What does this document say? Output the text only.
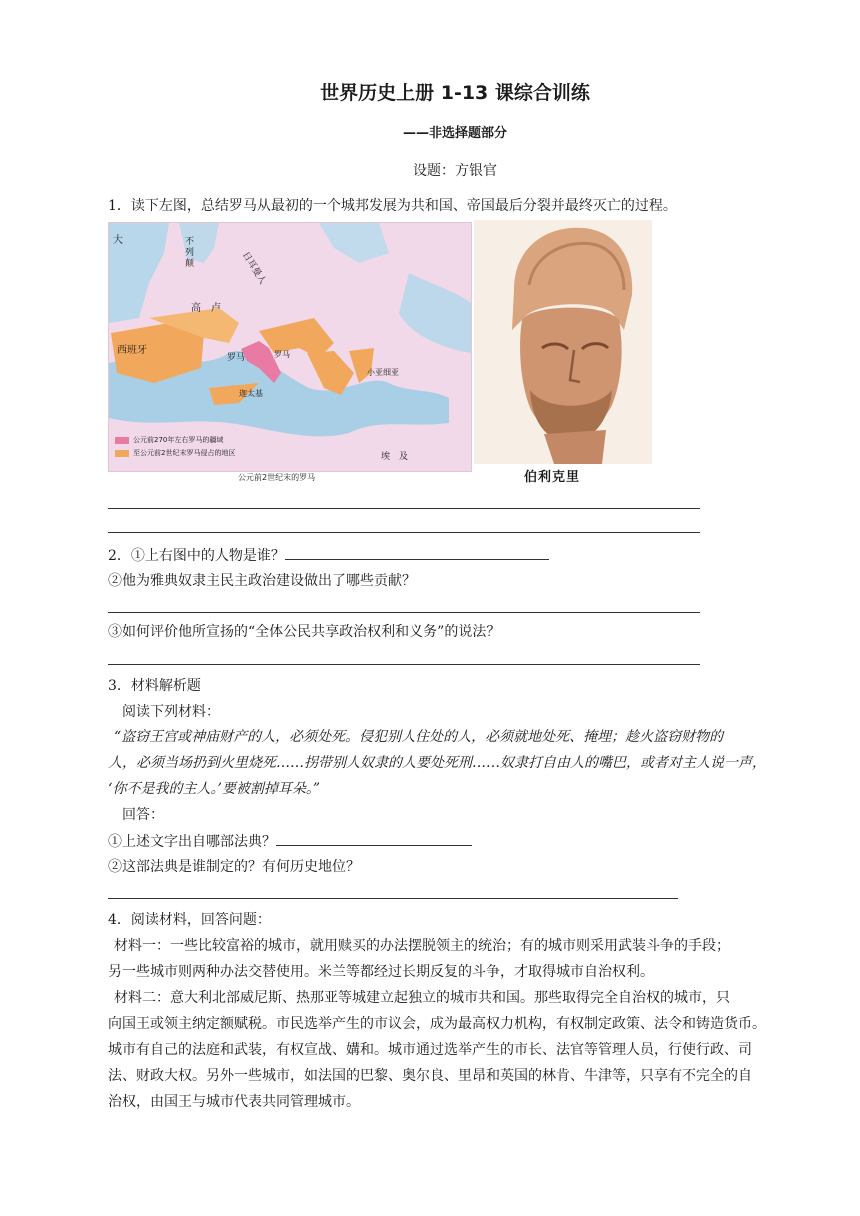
世界历史上册 1-13 课综合训练
——非选择题部分
设题：方银官
1．读下左图，总结罗马从最初的一个城邦发展为共和国、帝国最后分裂并最终灭亡的过程。
大	不列颠	日耳曼人
高　卢
西班牙
罗马	罗马
迦太基
小亚细亚
埃　及
公元前270年左右罗马的疆域
至公元前2世纪末罗马侵占的地区
公元前2世纪末的罗马	伯利克里
2．①上右图中的人物是谁？
②他为雅典奴隶主民主政治建设做出了哪些贡献？
③如何评价他所宣扬的“全体公民共享政治权利和义务”的说法？
3．材料解析题
阅读下列材料：
“盗窃王宫或神庙财产的人，必须处死。侵犯别人住处的人，必须就地处死、掩埋；趁火盗窃财物的
人，必须当场扔到火里烧死……拐带别人奴隶的人要处死刑……奴隶打自由人的嘴巴，或者对主人说一声，
‘你不是我的主人。’要被割掉耳朵。”
回答：
①上述文字出自哪部法典？
②这部法典是谁制定的？有何历史地位？
4．阅读材料，回答问题：
材料一：一些比较富裕的城市，就用赎买的办法摆脱领主的统治；有的城市则采用武装斗争的手段；
另一些城市则两种办法交替使用。米兰等都经过长期反复的斗争，才取得城市自治权利。
材料二：意大利北部威尼斯、热那亚等城建立起独立的城市共和国。那些取得完全自治权的城市，只
向国王或领主纳定额赋税。市民选举产生的市议会，成为最高权力机构，有权制定政策、法令和铸造货币。
城市有自己的法庭和武装，有权宣战、媾和。城市通过选举产生的市长、法官等管理人员，行使行政、司
法、财政大权。另外一些城市，如法国的巴黎、奥尔良、里昂和英国的林肯、牛津等，只享有不完全的自
治权，由国王与城市代表共同管理城市。
